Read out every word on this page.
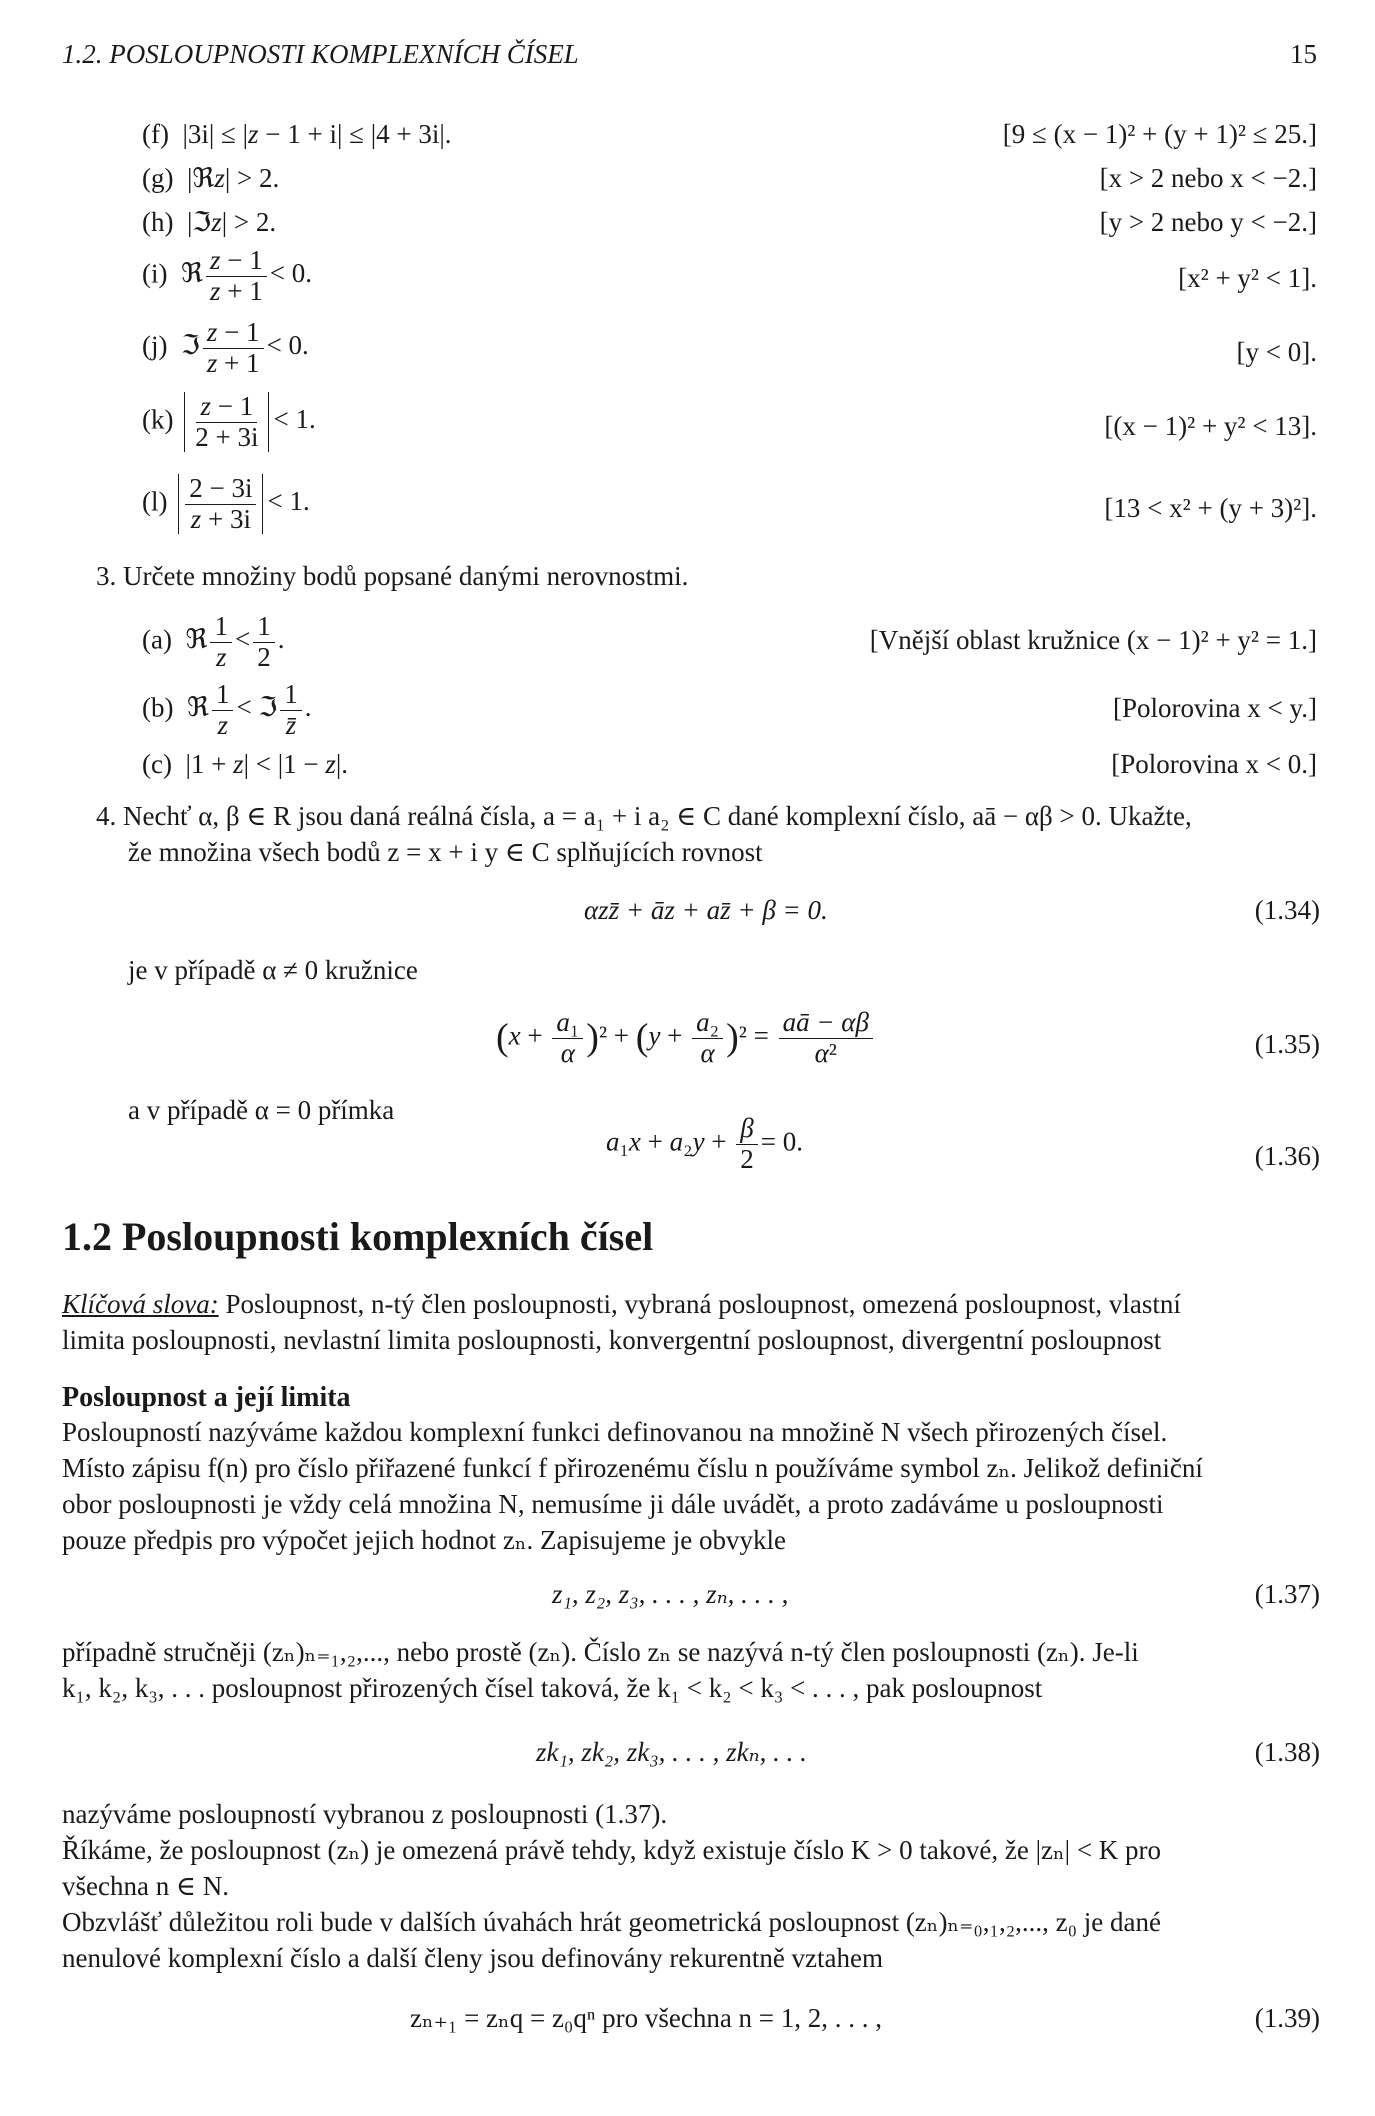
1.2. POSLOUPNOSTI KOMPLEXNÍCH ČÍSEL	15
(f)  |3i| ≤ |z − 1 + i| ≤ |4 + 3i|.	[9 ≤ (x − 1)² + (y + 1)² ≤ 25.]
(g)  |ℜz| > 2.	[x > 2 nebo x < −2.]
(h)  |ℑz| > 2.	[y > 2 nebo y < −2.]
(i)  ℜ $\frac{z - 1}{z + 1} < 0$.	[x² + y² < 1].
(j)  ℑ $\frac{z - 1}{z + 1} < 0$.	[y < 0].
$(k) \frac{z - 1}{2 + 3i} < 1$.	[(x − 1)² + y² < 13].
$(l) \frac{2 - 3i}{z + 3i} < 1$.	[13 < x² + (y + 3)²].
3. Určete množiny bodů popsané danými nerovnostmi.
(a)  ℜ $\frac{1}{z} < \frac{1}{2}$ .	[Vnější oblast kružnice (x − 1)² + y² = 1.]
(b)  ℜ $\frac{1}{z}$ < ℑ $\frac{1}{z̄}$ .	[Polorovina x < y.]
(c)  |1 + z| < |1 − z|.	[Polorovina x < 0.]
4. Nechť α, β ∈ R jsou daná reálná čísla, a = a₁ + i a₂ ∈ C dané komplexní číslo, aā − αβ > 0. Ukažte,
že množina všech bodů z = x + i y ∈ C splňujících rovnost
αzz̄ + āz + az̄ + β = 0.	(1.34)
je v případě α ≠ 0 kružnice
$(x + \frac{\text{a₁}}{\alpha} )^2 + (y + \frac{\text{a₂}}{\alpha} )^2 = \frac{aā - \alpha\beta}{\text{α²}}$	(1.35)
a v případě α = 0 přímka
$a_1x + a_2y + \frac{\beta}{2} = 0$.	(1.36)
1.2 Posloupnosti komplexních čísel
Klíčová slova: Posloupnost, n-tý člen posloupnosti, vybraná posloupnost, omezená posloupnost, vlastní
limita posloupnosti, nevlastní limita posloupnosti, konvergentní posloupnost, divergentní posloupnost
Posloupnost a její limita
Posloupností nazýváme každou komplexní funkci definovanou na množině N všech přirozených čísel.
Místo zápisu f(n) pro číslo přiřazené funkcí f přirozenému číslu n používáme symbol zₙ. Jelikož definiční
obor posloupnosti je vždy celá množina N, nemusíme ji dále uvádět, a proto zadáváme u posloupnosti
pouze předpis pro výpočet jejich hodnot zₙ. Zapisujeme je obvykle
z₁, z₂, z₃, . . . , zₙ, . . . ,	(1.37)
případně stručněji (zₙ)ₙ₌₁,₂,..., nebo prostě (zₙ). Číslo zₙ se nazývá n-tý člen posloupnosti (zₙ). Je-li
k₁, k₂, k₃, . . . posloupnost přirozených čísel taková, že k₁ < k₂ < k₃ < . . . , pak posloupnost
zk₁, zk₂, zk₃, . . . , zkₙ, . . .	(1.38)
nazýváme posloupností vybranou z posloupnosti (1.37).
Říkáme, že posloupnost (zₙ) je omezená právě tehdy, když existuje číslo K > 0 takové, že |zₙ| < K pro
všechna n ∈ N.
Obzvlášť důležitou roli bude v dalších úvahách hrát geometrická posloupnost (zₙ)ₙ₌₀,₁,₂,..., z₀ je dané
nenulové komplexní číslo a další členy jsou definovány rekurentně vztahem
zₙ₊₁ = zₙq = z₀qⁿ pro všechna n = 1, 2, . . . ,	(1.39)
